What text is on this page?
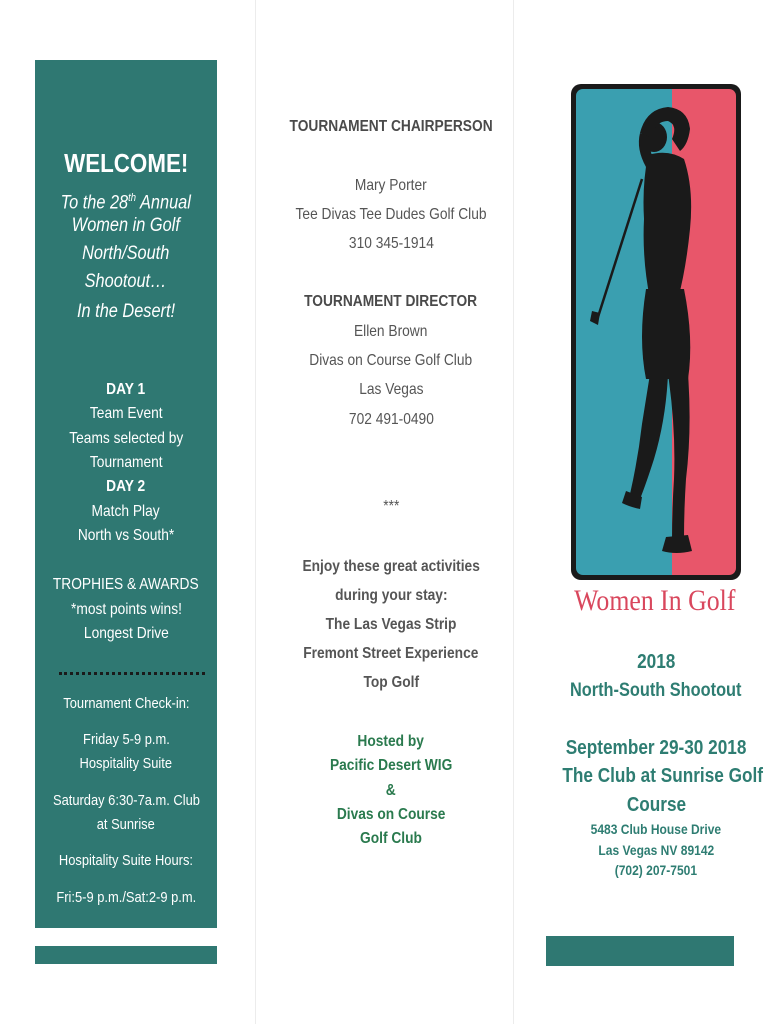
WELCOME!
To the 28th Annual
Women in Golf
North/South
Shootout…
In the Desert!
DAY 1
Team Event
Teams selected by
Tournament
DAY 2
Match Play
North vs South*
TROPHIES & AWARDS
*most points wins!
Longest Drive
Tournament Check-in:
Friday 5-9 p.m.
Hospitality Suite
Saturday 6:30-7a.m. Club
at Sunrise
Hospitality Suite Hours:
Fri:5-9 p.m./Sat:2-9 p.m.
TOURNAMENT CHAIRPERSON
Mary Porter
Tee Divas Tee Dudes Golf Club
310 345-1914
TOURNAMENT DIRECTOR
Ellen Brown
Divas on Course Golf Club
Las Vegas
702 491-0490
***
Enjoy these great activities
during your stay:
The Las Vegas Strip
Fremont Street Experience
Top Golf
Hosted by
Pacific Desert WIG
&
Divas on Course
Golf Club
Women In Golf
2018
North-South Shootout
September 29-30 2018
The Club at Sunrise Golf
Course
5483 Club House Drive
Las Vegas NV 89142
(702) 207-7501
